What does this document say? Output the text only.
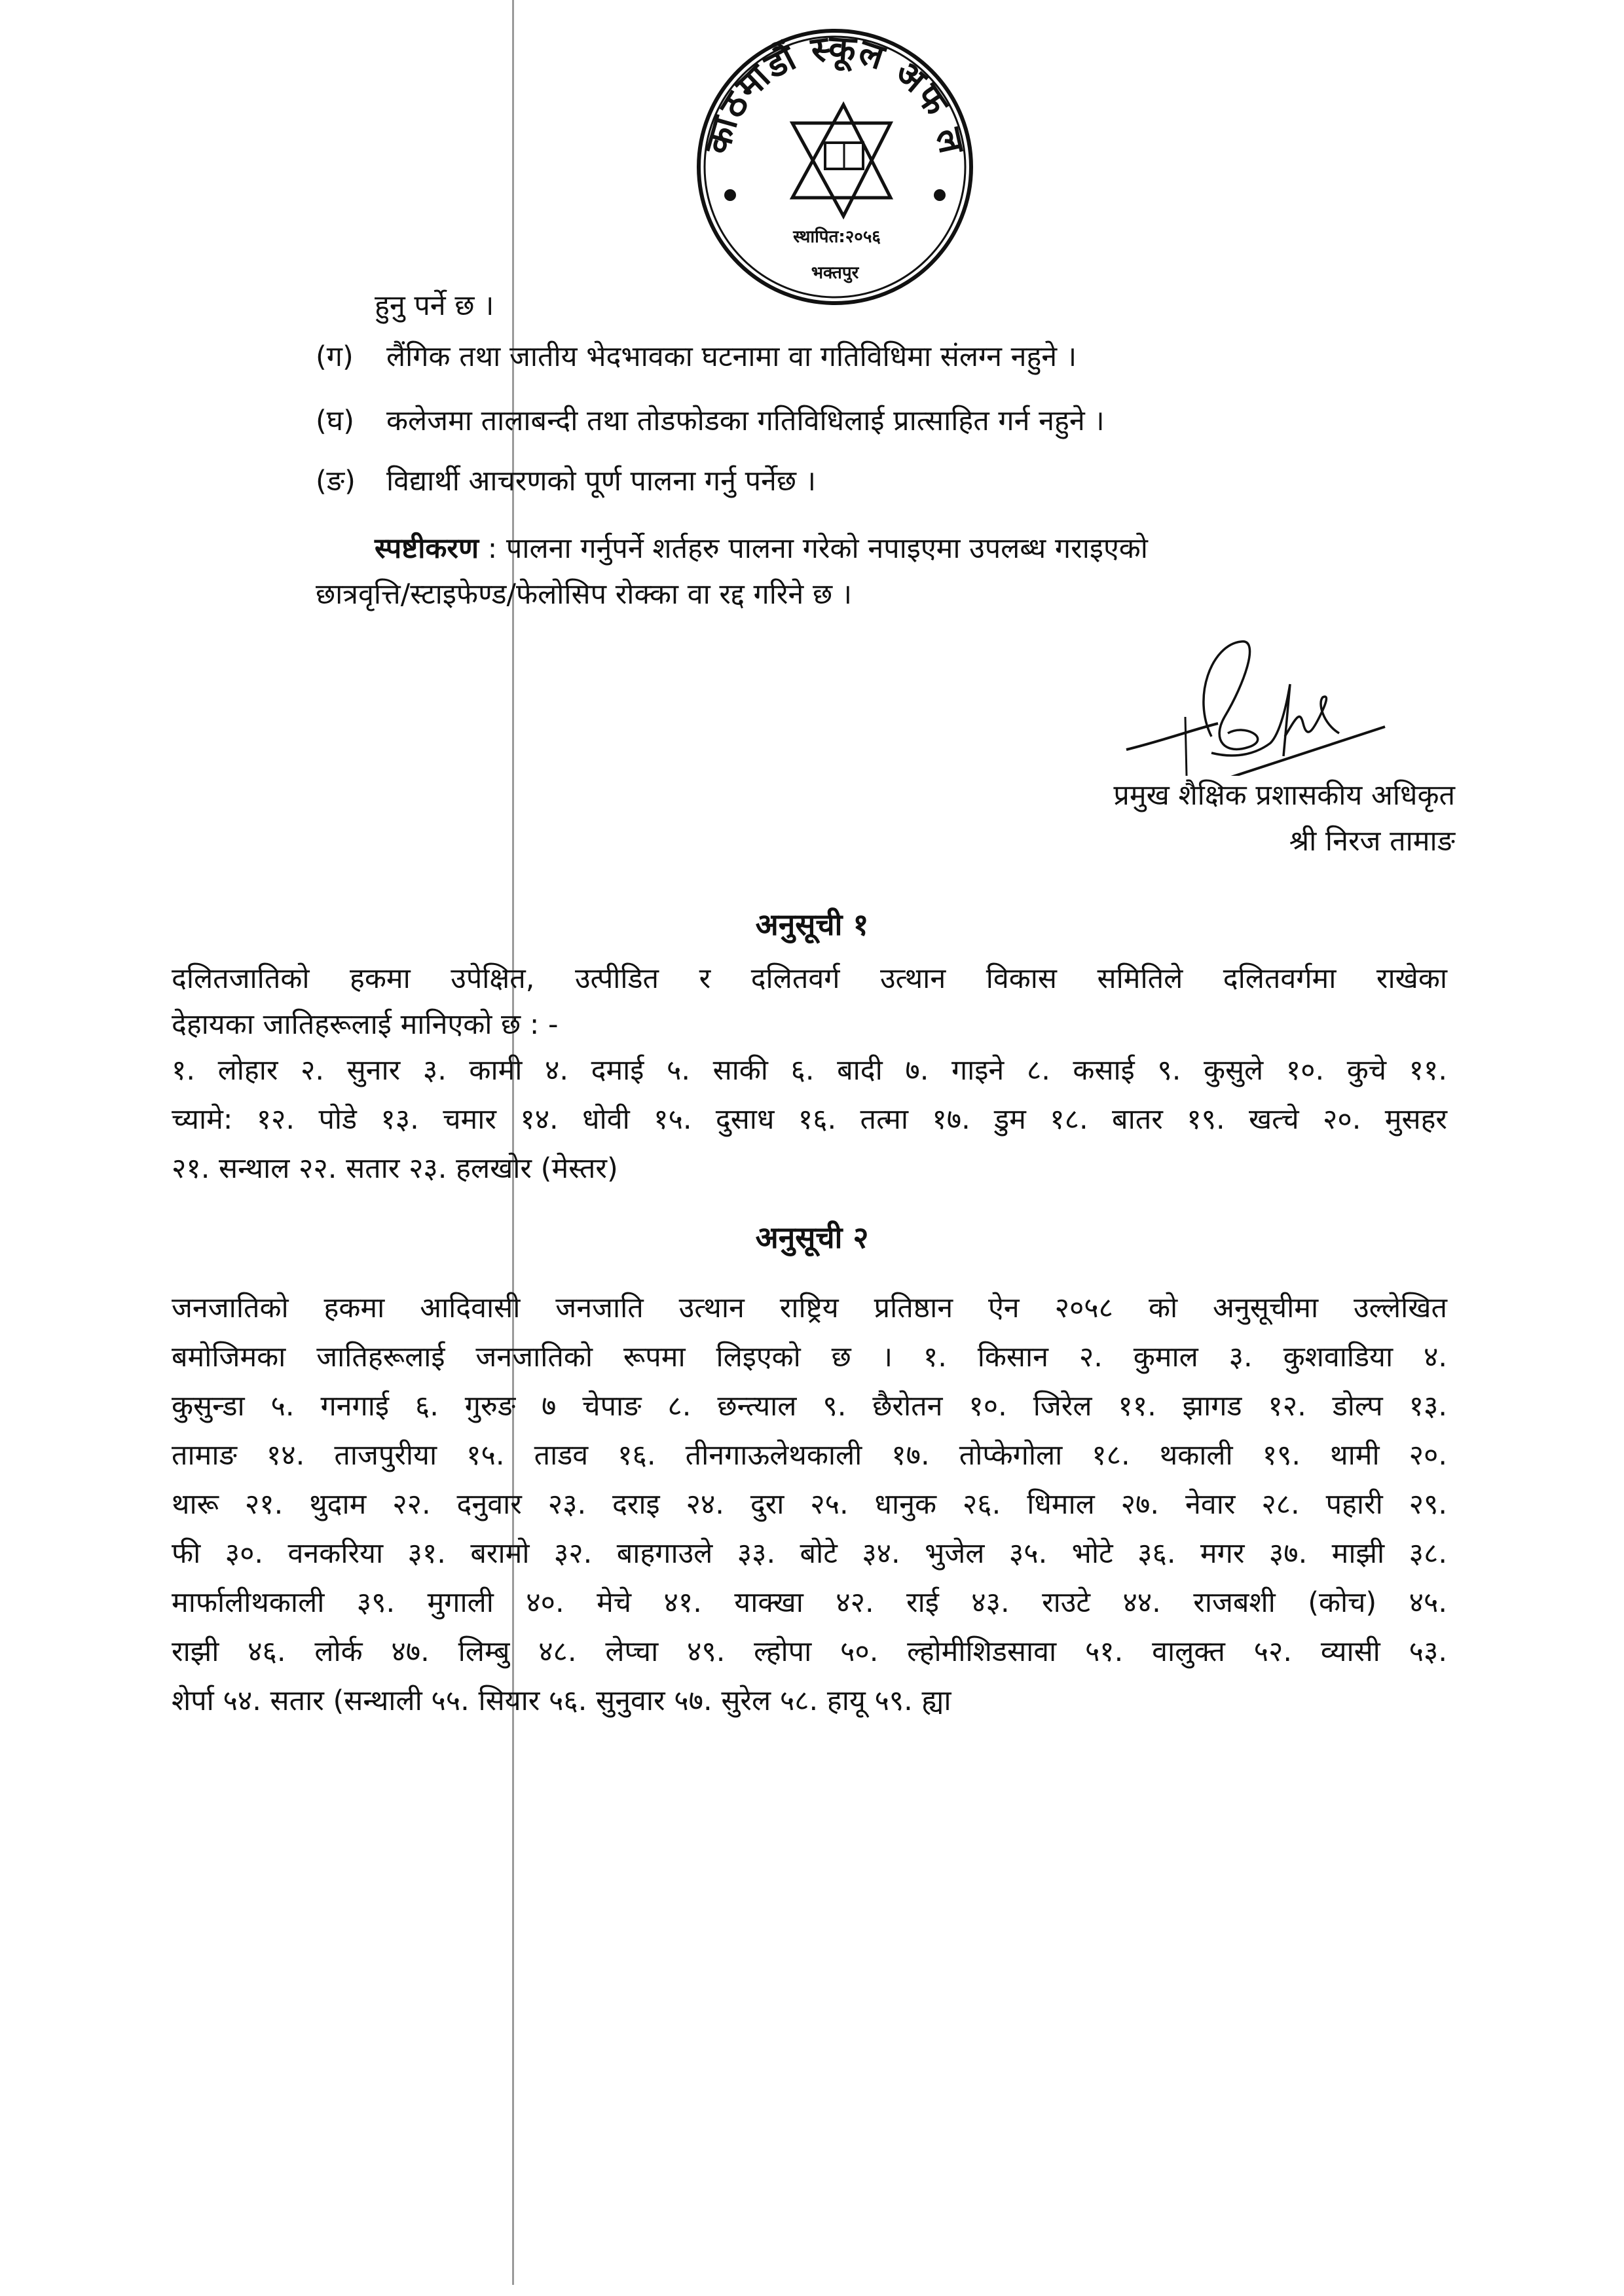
काठमाडौं स्कूल अफ ल
स्थापित:२०५६
भक्तपुर
हुनु पर्ने छ ।
(ग) लैंगिक तथा जातीय भेदभावका घटनामा वा गतिविधिमा संलग्न नहुने ।
(घ) कलेजमा तालाबन्दी तथा तोडफोडका गतिविधिलाई प्रात्साहित गर्न नहुने ।
(ङ) विद्यार्थी आचरणको पूर्ण पालना गर्नु पर्नेछ ।
स्पष्टीकरण : पालना गर्नुपर्ने शर्तहरु पालना गरेको नपाइएमा उपलब्ध गराइएको
छात्रवृत्ति/स्टाइफेण्ड/फेलोसिप रोक्का वा रद्द गरिने छ ।
प्रमुख शैक्षिक प्रशासकीय अधिकृत
श्री निरज तामाङ
अनुसूची १
दलितजातिको हकमा उपेक्षित, उत्पीडित र दलितवर्ग उत्थान विकास समितिले दलितवर्गमा राखेका
देहायका जातिहरूलाई मानिएको छ : -
१. लोहार २. सुनार ३. कामी ४. दमाई ५. साकी ६. बादी ७. गाइने ८. कसाई ९. कुसुले १०. कुचे ११.
च्यामे: १२. पोडे १३. चमार १४. धोवी १५. दुसाध १६. तत्मा १७. डुम १८. बातर १९. खत्चे २०. मुसहर
२१. सन्थाल २२. सतार २३. हलखोर (मेस्तर)
अनुसूची २
जनजातिको हकमा आदिवासी जनजाति उत्थान राष्ट्रिय प्रतिष्ठान ऐन २०५८ को अनुसूचीमा उल्लेखित
बमोजिमका जातिहरूलाई जनजातिको रूपमा लिइएको छ । १. किसान २. कुमाल ३. कुशवाडिया ४.
कुसुन्डा ५. गनगाई ६. गुरुङ ७ चेपाङ ८. छन्त्याल ९. छैरोतन १०. जिरेल ११. झागड १२. डोल्प १३.
तामाङ १४. ताजपुरीया १५. ताडव १६. तीनगाऊलेथकाली १७. तोप्केगोला १८. थकाली १९. थामी २०.
थारू २१. थुदाम २२. दनुवार २३. दराइ २४. दुरा २५. धानुक २६. धिमाल २७. नेवार २८. पहारी २९.
फी ३०. वनकरिया ३१. बरामो ३२. बाहगाउले ३३. बोटे ३४. भुजेल ३५. भोटे ३६. मगर ३७. माझी ३८.
मार्फालीथकाली ३९. मुगाली ४०. मेचे ४१. याक्खा ४२. राई ४३. राउटे ४४. राजबशी (कोच) ४५.
राझी ४६. लोर्क ४७. लिम्बु ४८. लेप्चा ४९. ल्होपा ५०. ल्होमीशिडसावा ५१. वालुक्त ५२. व्यासी ५३.
शेर्पा ५४. सतार (सन्थाली ५५. सियार ५६. सुनुवार ५७. सुरेल ५८. हायू ५९. ह्या
